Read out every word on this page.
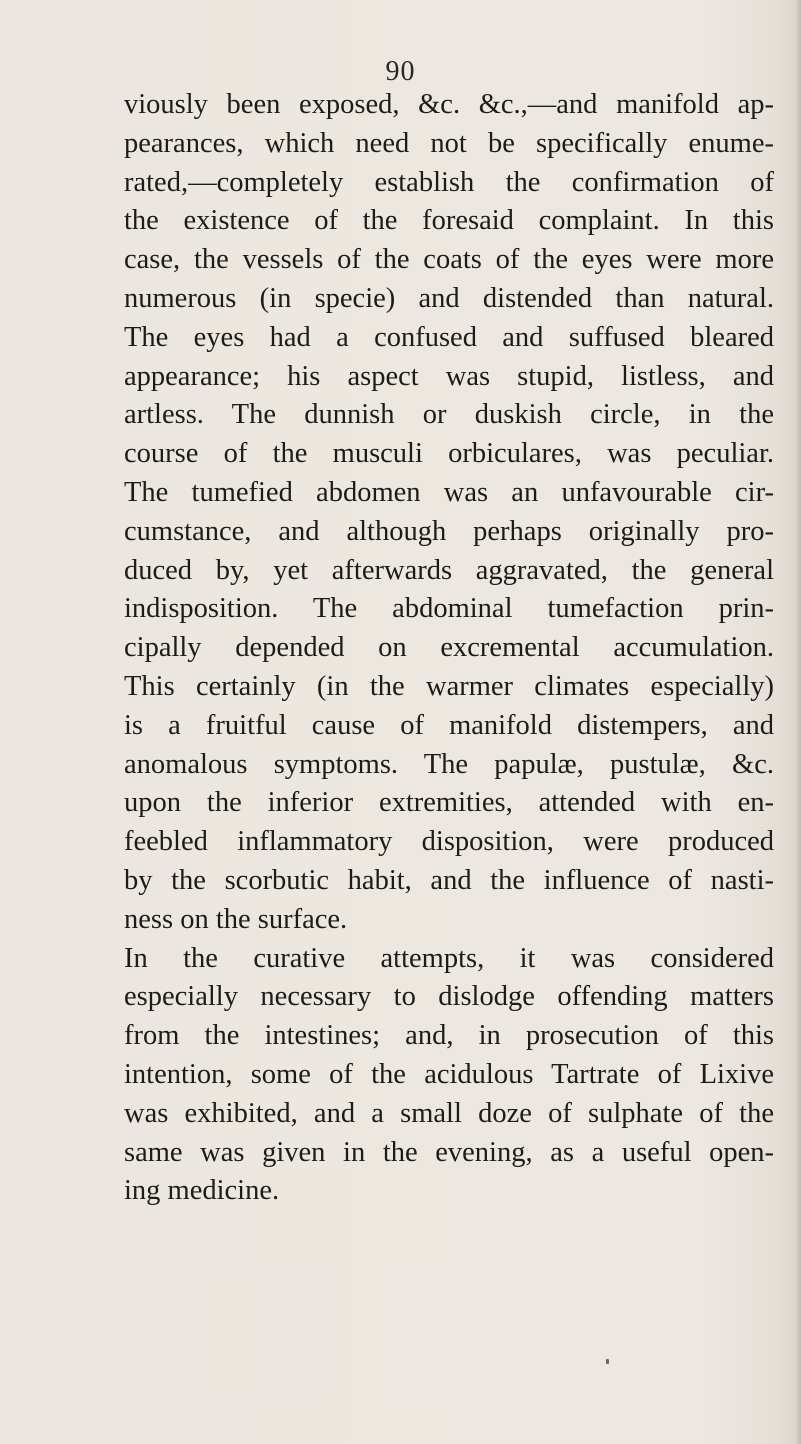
90
viously been exposed, &c. &c.,—and manifold ap-
pearances, which need not be specifically enume-
rated,—completely establish the confirmation of
the existence of the foresaid complaint. In this
case, the vessels of the coats of the eyes were more
numerous (in specie) and distended than natural.
The eyes had a confused and suffused bleared
appearance; his aspect was stupid, listless, and
artless. The dunnish or duskish circle, in the
course of the musculi orbiculares, was peculiar.
The tumefied abdomen was an unfavourable cir-
cumstance, and although perhaps originally pro-
duced by, yet afterwards aggravated, the general
indisposition. The abdominal tumefaction prin-
cipally depended on excremental accumulation.
This certainly (in the warmer climates especially)
is a fruitful cause of manifold distempers, and
anomalous symptoms. The papulæ, pustulæ, &c.
upon the inferior extremities, attended with en-
feebled inflammatory disposition, were produced
by the scorbutic habit, and the influence of nasti-
ness on the surface.
In the curative attempts, it was considered
especially necessary to dislodge offending matters
from the intestines; and, in prosecution of this
intention, some of the acidulous Tartrate of Lixive
was exhibited, and a small doze of sulphate of the
same was given in the evening, as a useful open-
ing medicine.
